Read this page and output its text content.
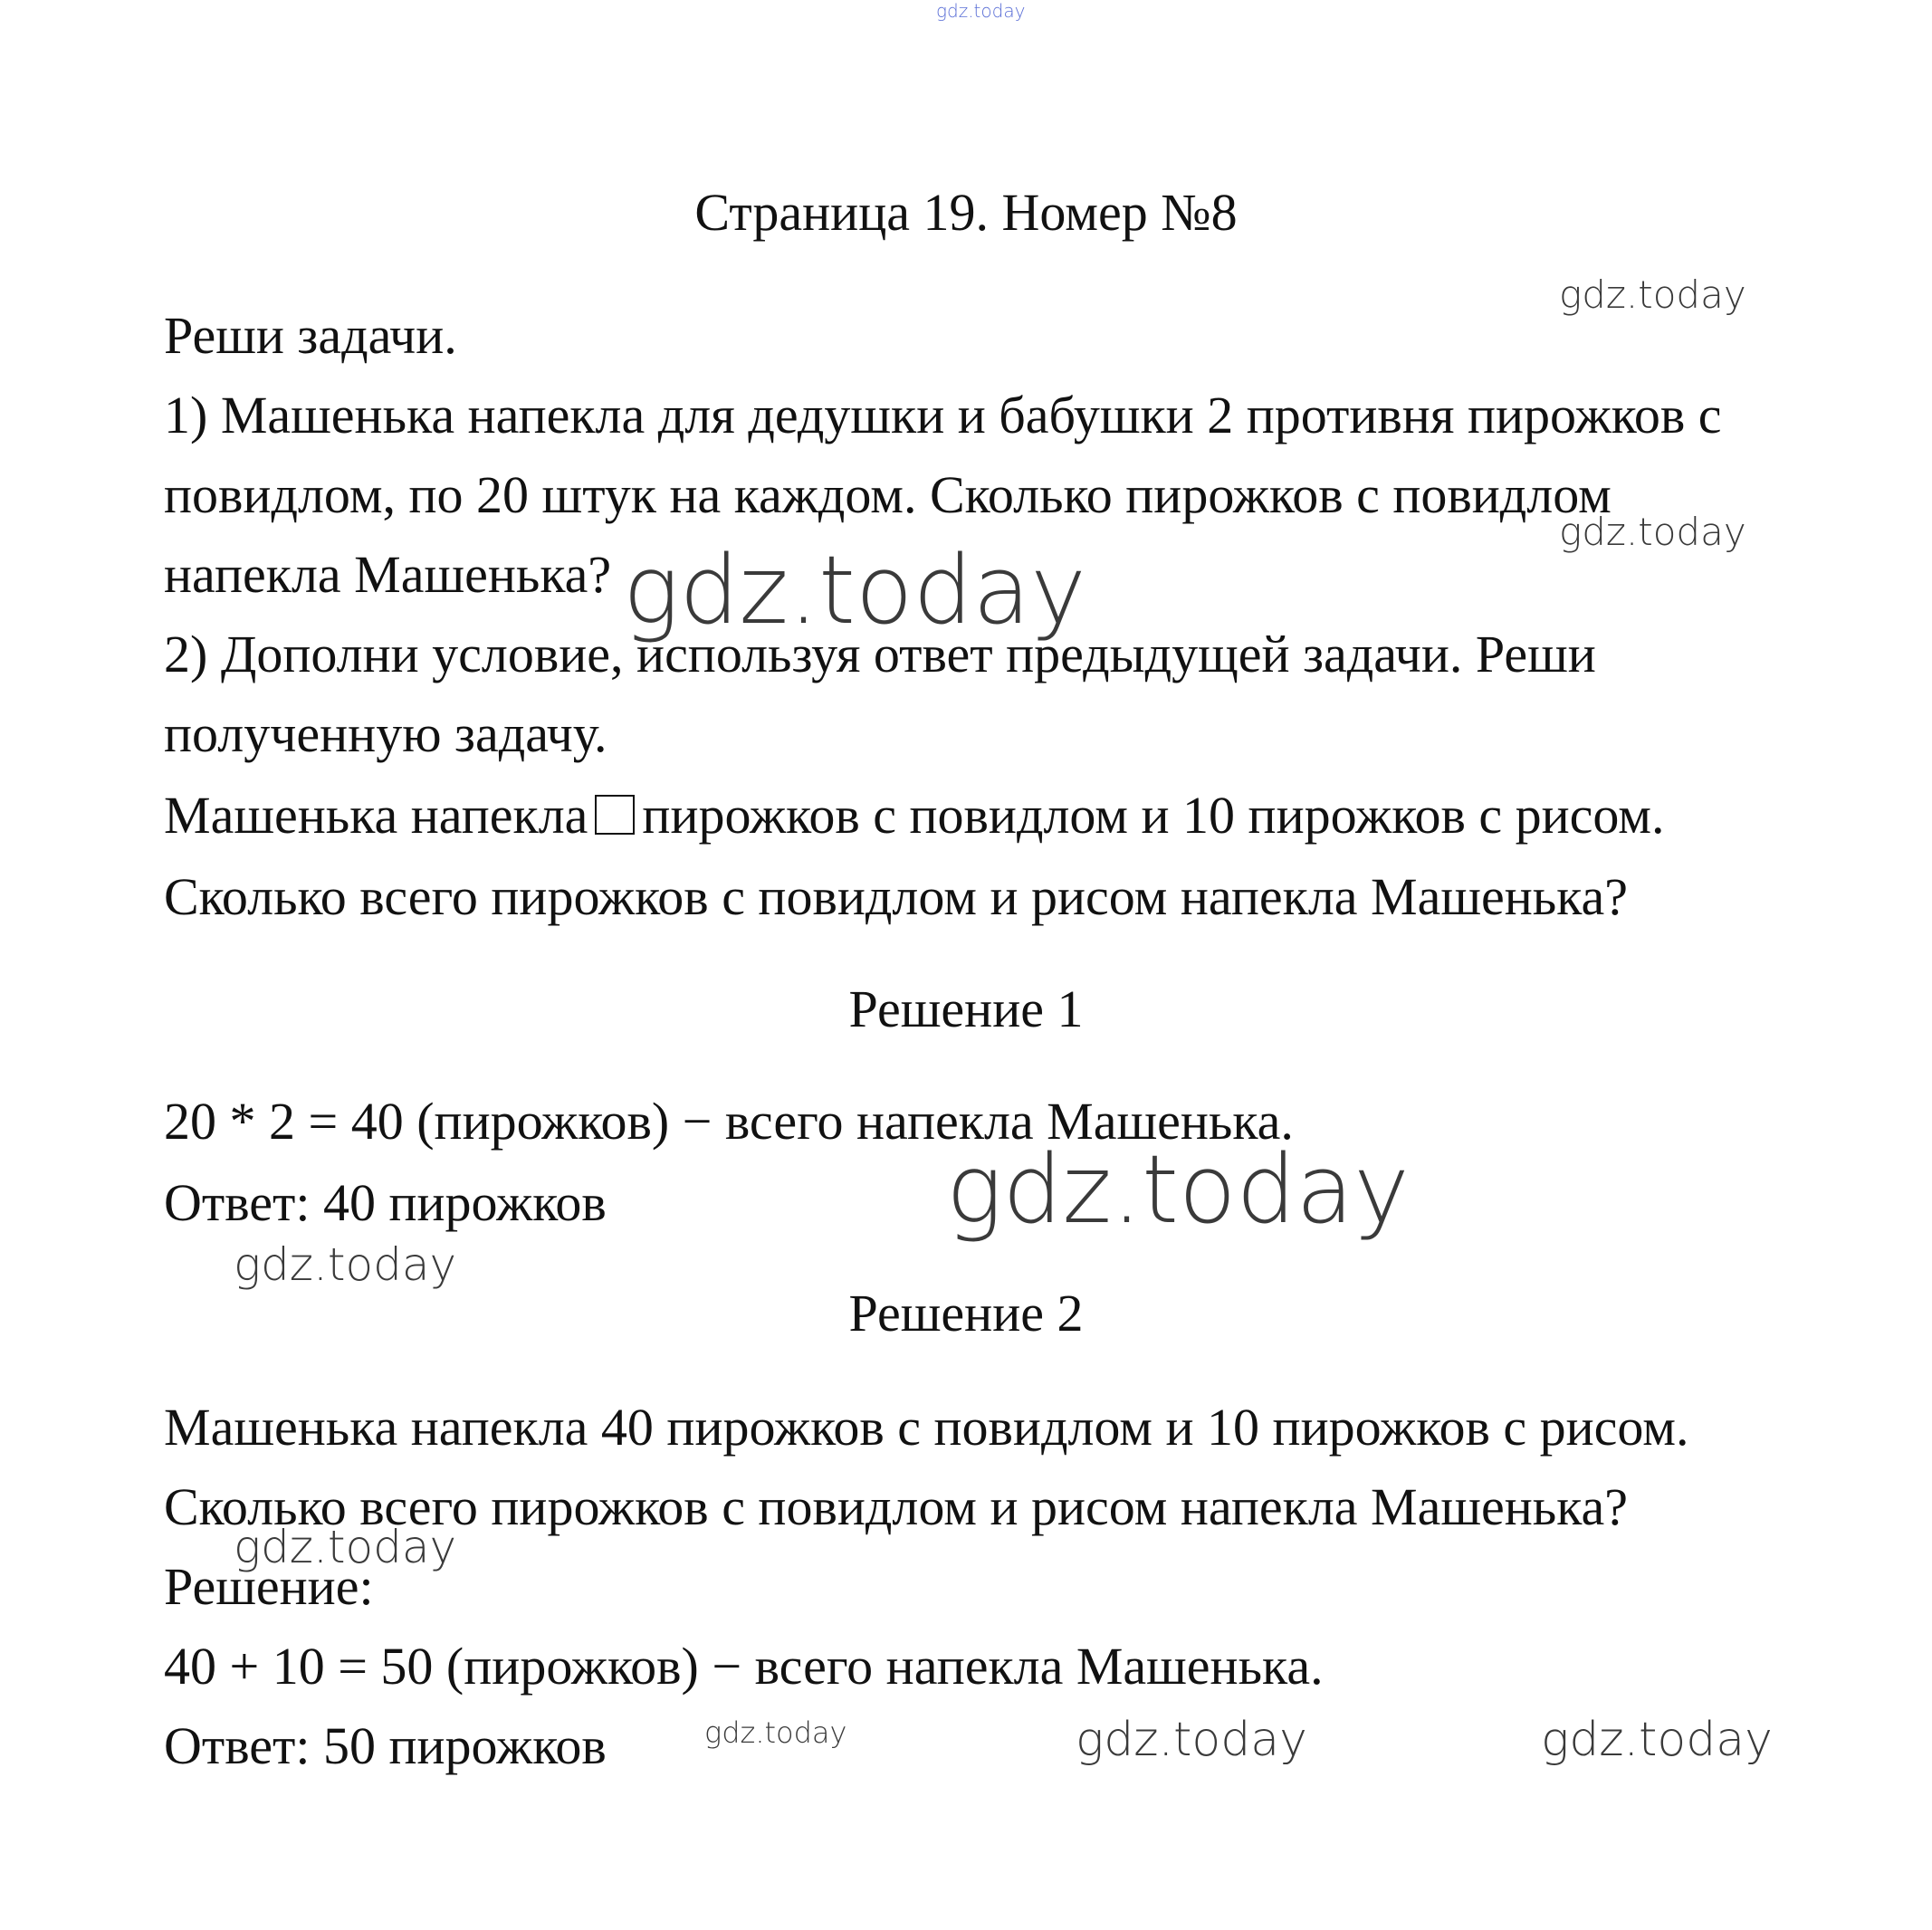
gdz.today
Страница 19. Номер №8
gdz.today
Реши задачи.
1) Машенька напекла для дедушки и бабушки 2 противня пирожков с
повидлом, по 20 штук на каждом. Сколько пирожков с повидлом
gdz.today
напекла Машенька? gdz.today
2) Дополни условие, используя ответ предыдущей задачи. Реши
полученную задачу.
Машенька напекла пирожков с повидлом и 10 пирожков с рисом.
Сколько всего пирожков с повидлом и рисом напекла Машенька?
Решение 1
20 * 2 = 40 (пирожков) − всего напекла Машенька.
gdz.today
Ответ: 40 пирожков
gdz.today
Решение 2
Машенька напекла 40 пирожков с повидлом и 10 пирожков с рисом.
Сколько всего пирожков с повидлом и рисом напекла Машенька?
gdz.today
Решение:
40 + 10 = 50 (пирожков) − всего напекла Машенька.
Ответ: 50 пирожков	gdz.today	gdz.today	gdz.today
